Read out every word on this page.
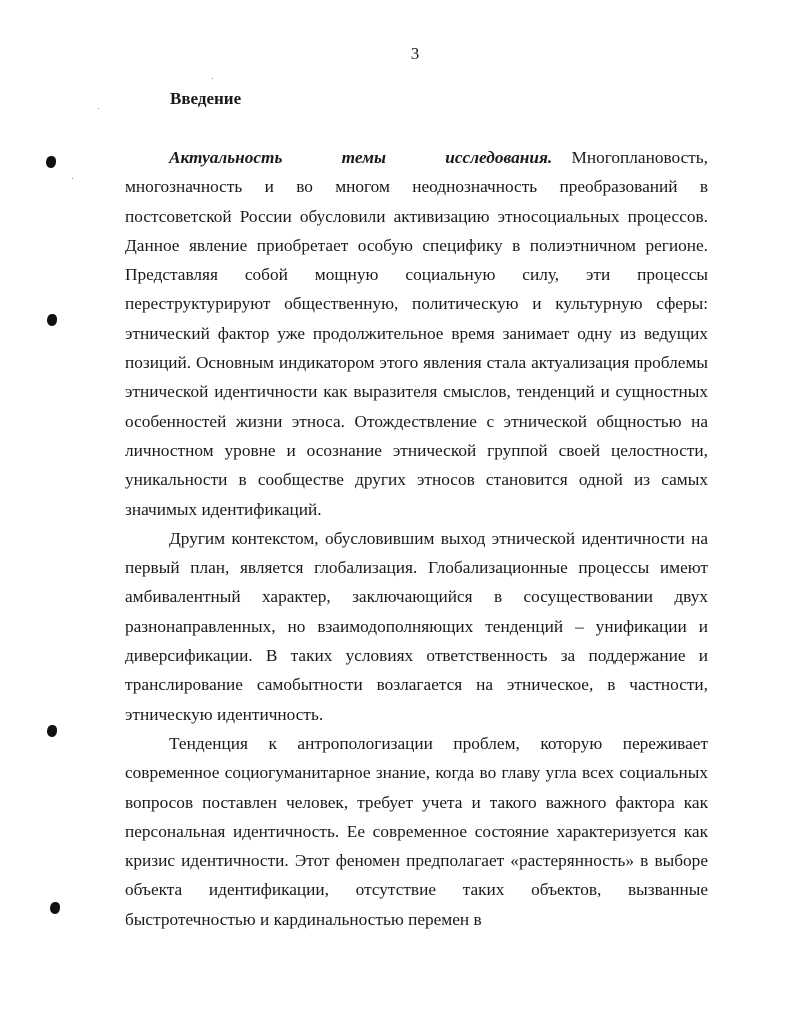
3
Введение

Актуальность темы исследования. Многоплановость, многозначность и во многом неоднозначность преобразований в постсоветской России обусловили активизацию этносоциальных процессов. Данное явление приобретает особую специфику в полиэтничном регионе. Представляя собой мощную социальную силу, эти процессы переструктурируют общественную, политическую и культурную сферы: этнический фактор уже продолжительное время занимает одну из ведущих позиций. Основным индикатором этого явления стала актуализация проблемы этнической идентичности как выразителя смыслов, тенденций и сущностных особенностей жизни этноса. Отождествление с этнической общностью на личностном уровне и осознание этнической группой своей целостности, уникальности в сообществе других этносов становится одной из самых значимых идентификаций.

Другим контекстом, обусловившим выход этнической идентичности на первый план, является глобализация. Глобализационные процессы имеют амбивалентный характер, заключающийся в сосуществовании двух разнонаправленных, но взаимодополняющих тенденций – унификации и диверсификации. В таких условиях ответственность за поддержание и транслирование самобытности возлагается на этническое, в частности, этническую идентичность.

Тенденция к антропологизации проблем, которую переживает современное социогуманитарное знание, когда во главу угла всех социальных вопросов поставлен человек, требует учета и такого важного фактора как персональная идентичность. Ее современное состояние характеризуется как кризис идентичности. Этот феномен предполагает «растерянность» в выборе объекта идентификации, отсутствие таких объектов, вызванные быстротечностью и кардинальностью перемен в
